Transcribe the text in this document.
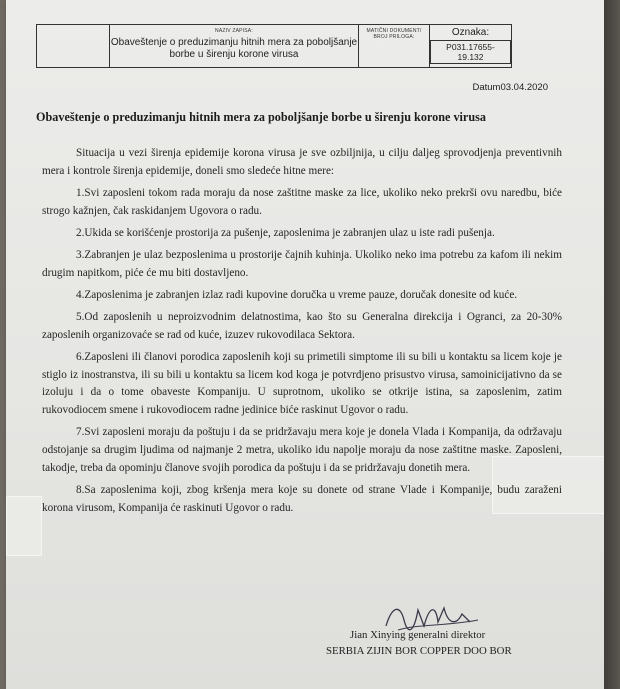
NAZIV ZAPISA:
Obaveštenje o preduzimanju hitnih mera za poboljšanje borbe u širenju korone virusa
MATIČNI DOKUMENT/ BROJ PRILOGA:	Oznaka:
P031.17655-19.132
Datum03.04.2020
Obaveštenje o preduzimanju hitnih mera za poboljšanje borbe u širenju korone virusa

Situacija u vezi širenja epidemije korona virusa je sve ozbiljnija, u cilju daljeg sprovodjenja preventivnih mera i kontrole širenja epidemije, doneli smo sledeće hitne mere:

1.Svi zaposleni tokom rada moraju da nose zaštitne maske za lice, ukoliko neko prekrši ovu naredbu, biće strogo kažnjen, čak raskidanjem Ugovora o radu.

2.Ukida se korišćenje prostorija za pušenje, zaposlenima je zabranjen ulaz u iste radi pušenja.

3.Zabranjen je ulaz bezposlenima u prostorije čajnih kuhinja. Ukoliko neko ima potrebu za kafom ili nekim drugim napitkom, piće će mu biti dostavljeno.

4.Zaposlenima je zabranjen izlaz radi kupovine doručka u vreme pauze, doručak donesite od kuće.

5.Od zaposlenih u neproizvodnim delatnostima, kao što su Generalna direkcija i Ogranci, za 20-30% zaposlenih organizovaće se rad od kuće, izuzev rukovodilaca Sektora.

6.Zaposleni ili članovi porodica zaposlenih koji su primetili simptome ili su bili u kontaktu sa licem koje je stiglo iz inostranstva, ili su bili u kontaktu sa licem kod koga je potvrdjeno prisustvo virusa, samoinicijativno da se izoluju i da o tome obaveste Kompaniju. U suprotnom, ukoliko se otkrije istina, sa zaposlenim, zatim rukovodiocem smene i rukovodiocem radne jedinice biće raskinut Ugovor o radu.

7.Svi zaposleni moraju da poštuju i da se pridržavaju mera koje je donela Vlada i Kompanija, da održavaju odstojanje sa drugim ljudima od najmanje 2 metra, ukoliko idu napolje moraju da nose zaštitne maske. Zaposleni, takodje, treba da opominju članove svojih porodica da poštuju i da se pridržavaju donetih mera.

8.Sa zaposlenima koji, zbog kršenja mera koje su donete od strane Vlade i Kompanije, budu zaraženi korona virusom, Kompanija će raskinuti Ugovor o radu.

Jian Xinying generalni direktor
SERBIA ZIJIN BOR COPPER DOO BOR
